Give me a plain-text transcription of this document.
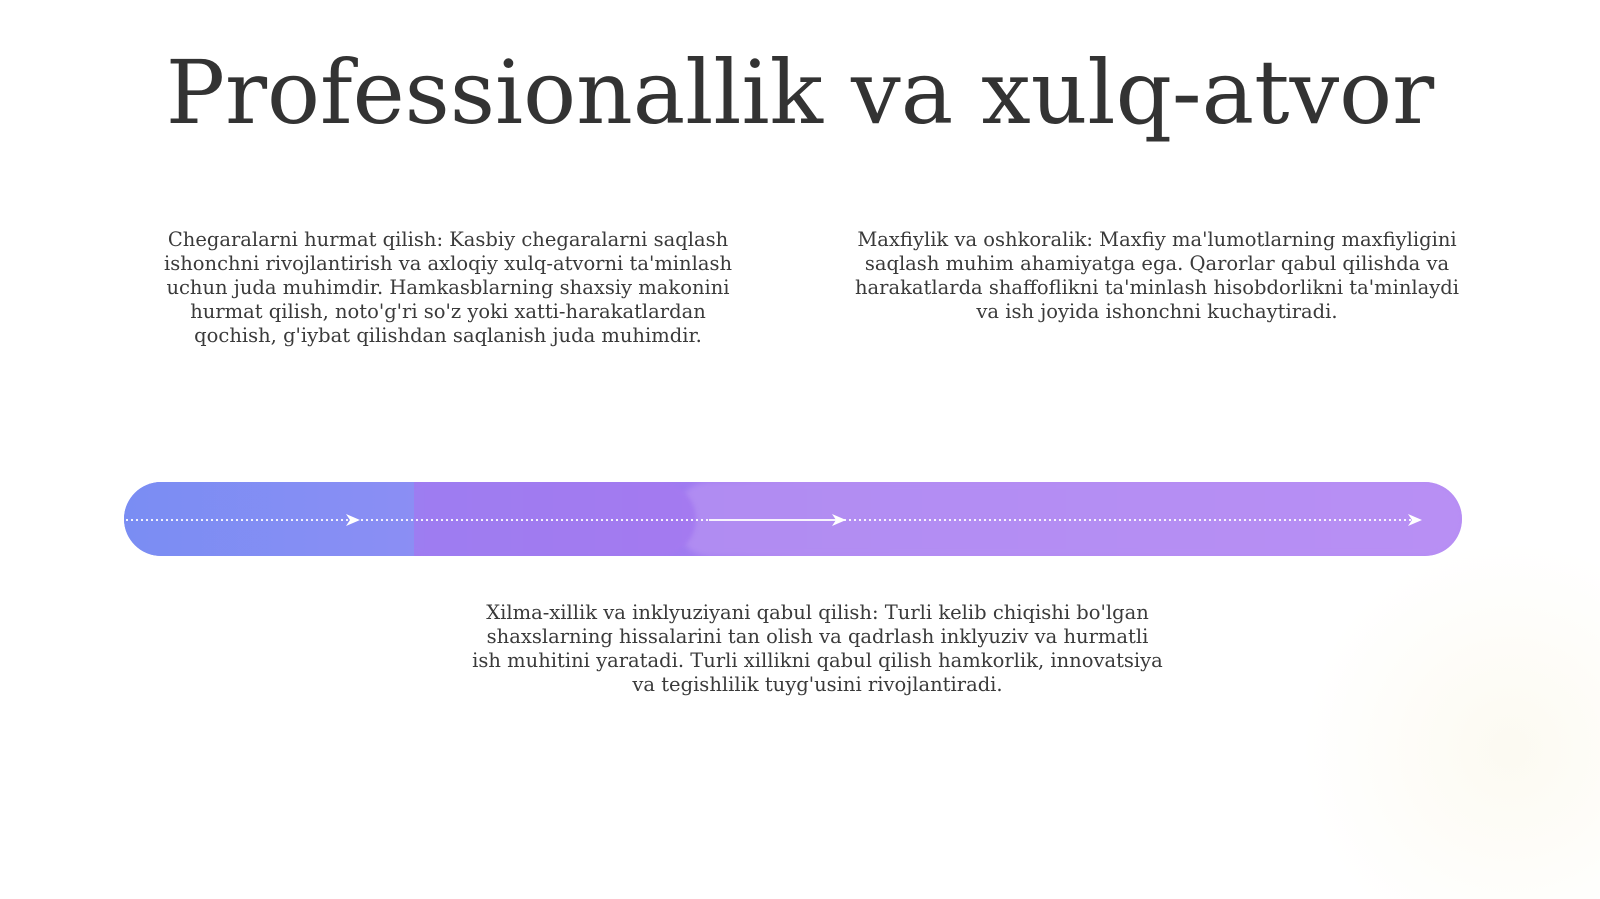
Professionallik va xulq-atvor

Chegaralarni hurmat qilish: Kasbiy chegaralarni saqlash ishonchni rivojlantirish va axloqiy xulq-atvorni ta'minlash uchun juda muhimdir. Hamkasblarning shaxsiy makonini hurmat qilish, noto'g'ri so'z yoki xatti-harakatlardan qochish, g'iybat qilishdan saqlanish juda muhimdir.

Maxfiylik va oshkoralik: Maxfiy ma'lumotlarning maxfiyligini saqlash muhim ahamiyatga ega. Qarorlar qabul qilishda va harakatlarda shaffoflikni ta'minlash hisobdorlikni ta'minlaydi va ish joyida ishonchni kuchaytiradi.

Xilma-xillik va inklyuziyani qabul qilish: Turli kelib chiqishi bo'lgan shaxslarning hissalarini tan olish va qadrlash inklyuziv va hurmatli ish muhitini yaratadi. Turli xillikni qabul qilish hamkorlik, innovatsiya va tegishlilik tuyg'usini rivojlantiradi.
